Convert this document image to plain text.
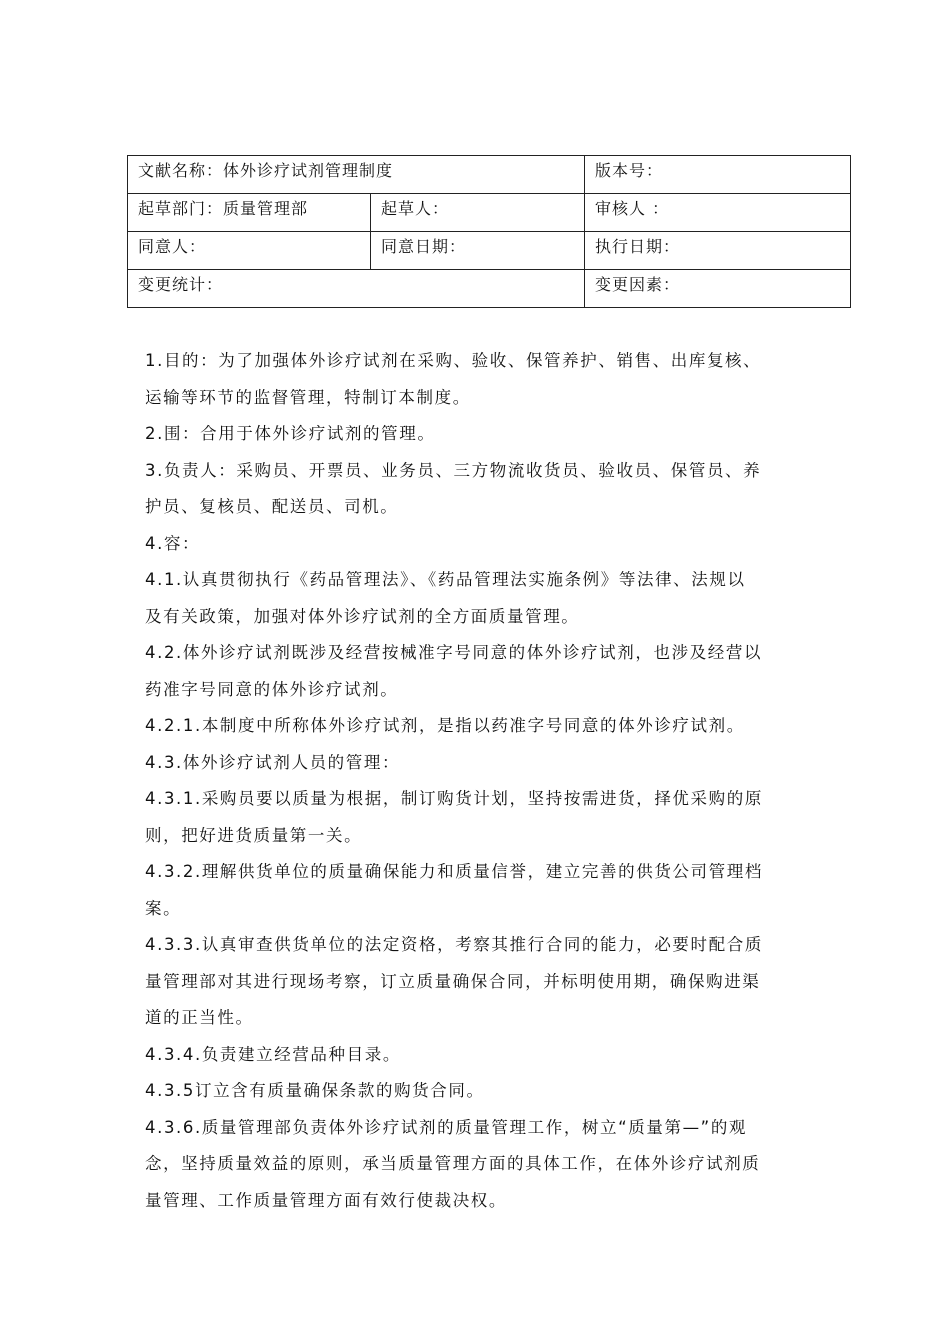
文献名称：体外诊疗试剂管理制度		版本号：
起草部门：质量管理部	起草人：	审核人 ：
同意人：	同意日期：	执行日期：
变更统计：		变更因素：

1.目的：为了加强体外诊疗试剂在采购、验收、保管养护、销售、出库复核、

运输等环节的监督管理，特制订本制度。

2.围：合用于体外诊疗试剂的管理。

3.负责人：采购员、开票员、业务员、三方物流收货员、验收员、保管员、养

护员、复核员、配送员、司机。

4.容：

4.1.认真贯彻执行《药品管理法》、《药品管理法实施条例》等法律、法规以

及有关政策，加强对体外诊疗试剂的全方面质量管理。

4.2.体外诊疗试剂既涉及经营按械准字号同意的体外诊疗试剂，也涉及经营以

药准字号同意的体外诊疗试剂。

4.2.1.本制度中所称体外诊疗试剂，是指以药准字号同意的体外诊疗试剂。

4.3.体外诊疗试剂人员的管理：

4.3.1.采购员要以质量为根据，制订购货计划，坚持按需进货，择优采购的原

则，把好进货质量第一关。

4.3.2.理解供货单位的质量确保能力和质量信誉，建立完善的供货公司管理档

案。

4.3.3.认真审查供货单位的法定资格，考察其推行合同的能力，必要时配合质

量管理部对其进行现场考察，订立质量确保合同，并标明使用期，确保购进渠

道的正当性。

4.3.4.负责建立经营品种目录。

4.3.5订立含有质量确保条款的购货合同。

4.3.6.质量管理部负责体外诊疗试剂的质量管理工作，树立“质量第—”的观

念，坚持质量效益的原则，承当质量管理方面的具体工作，在体外诊疗试剂质

量管理、工作质量管理方面有效行使裁决权。
